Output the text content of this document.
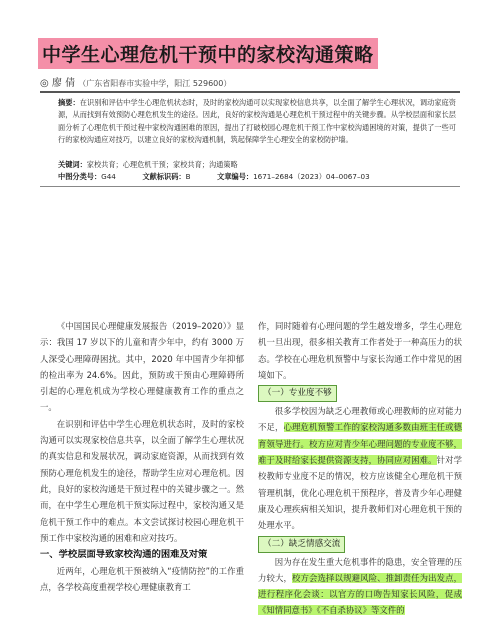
中学生心理危机干预中的家校沟通策略
◎ 廖 倩 （广东省阳春市实验中学，阳江 529600）
摘要：在识别和评估中学生心理危机状态时，及时的家校沟通可以实现家校信息共享，以全面了解学生心理状况，调动家庭资源，从而找到有效预防心理危机发生的途径。因此，良好的家校沟通是心理危机干预过程中的关键步骤。从学校层面和家长层面分析了心理危机干预过程中家校沟通困难的原因，提出了打破校园心理危机干预工作中家校沟通困境的对策，提供了一些可行的家校沟通应对技巧，以建立良好的家校沟通机制，筑起保障学生心理安全的家校防护墙。
关键词：家校共育；心理危机干预；家校共育；沟通策略
中图分类号：G44	文献标识码：B	文章编号：1671–2684（2023）04–0067–03

《中国国民心理健康发展报告（2019–2020）》显示：我国 17 岁以下的儿童和青少年中，约有 3000 万人深受心理障碍困扰。其中，2020 年中国青少年抑郁的检出率为 24.6%。因此，预防或干预由心理障碍所引起的心理危机成为学校心理健康教育工作的重点之一。

在识别和评估中学生心理危机状态时，及时的家校沟通可以实现家校信息共享，以全面了解学生心理状况的真实信息和发展状况，调动家庭资源，从而找到有效预防心理危机发生的途径，帮助学生应对心理危机。因此，良好的家校沟通是干预过程中的关键步骤之一。然而，在中学生心理危机干预实际过程中，家校沟通又是危机干预工作中的难点。本文尝试探讨校园心理危机干预工作中家校沟通的困难和应对技巧。

一、学校层面导致家校沟通的困难及对策

近两年，心理危机干预被纳入“疫情防控”的工作重点，各学校高度重视学校心理健康教育工

作，同时随着有心理问题的学生越发增多，学生心理危机一旦出现，很多相关教育工作者处于一种高压力的状态。学校在心理危机预警中与家长沟通工作中常见的困境如下。

（一）专业度不够

很多学校因为缺乏心理教师或心理教师的应对能力不足，心理危机预警工作的家校沟通多数由班主任或德育领导进行。校方应对青少年心理问题的专业度不够，难于及时给家长提供资源支持，协同应对困难。针对学校教师专业度不足的情况，校方应该健全心理危机干预管理机制，优化心理危机干预程序，普及青少年心理健康及心理疾病相关知识，提升教师们对心理危机干预的处理水平。

（二）缺乏情感交流

因为存在发生重大危机事件的隐患，安全管理的压力较大，校方会选择以规避风险、推卸责任为出发点，进行程序化会谈：以官方的口吻告知家长风险，促成《知情同意书》《不自杀协议》等文件的
